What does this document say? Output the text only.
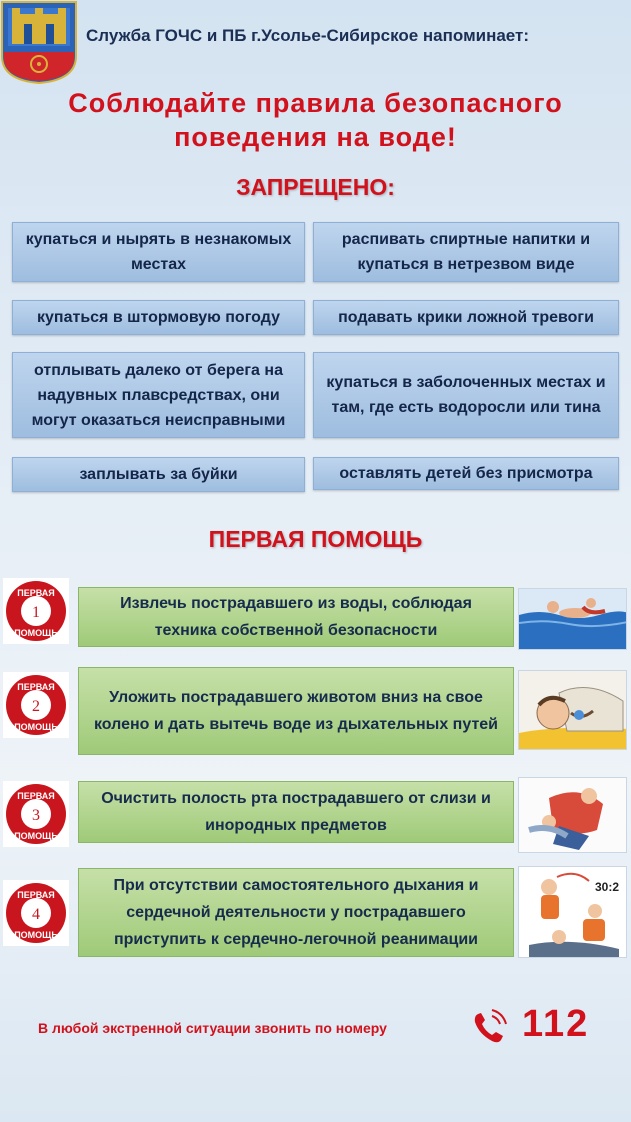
Служба ГОЧС и ПБ г.Усолье-Сибирское напоминает:
Соблюдайте правила безопасного
поведения на воде!
ЗАПРЕЩЕНО:
купаться и нырять в незнакомых местах
распивать спиртные напитки и купаться в нетрезвом виде
купаться в штормовую погоду	подавать крики ложной тревоги
отплывать далеко от берега на надувных плавсредствах, они могут оказаться неисправными
купаться в заболоченных местах и там, где есть водоросли или тина
заплывать за буйки	оставлять детей без присмотра
ПЕРВАЯ ПОМОЩЬ
1
ПЕРВАЯ
ПОМОЩЬ
Извлечь пострадавшего из воды, соблюдая техника собственной безопасности
2
ПЕРВАЯ
ПОМОЩЬ
Уложить пострадавшего животом вниз на свое колено и дать вытечь воде из дыхательных путей
3
ПЕРВАЯ
ПОМОЩЬ
Очистить полость рта пострадавшего от слизи и инородных предметов
4
ПЕРВАЯ
ПОМОЩЬ
При отсутствии самостоятельного дыхания и сердечной деятельности у пострадавшего приступить к сердечно-легочной реанимации
30:2
В любой экстренной ситуации звонить по номеру	112
